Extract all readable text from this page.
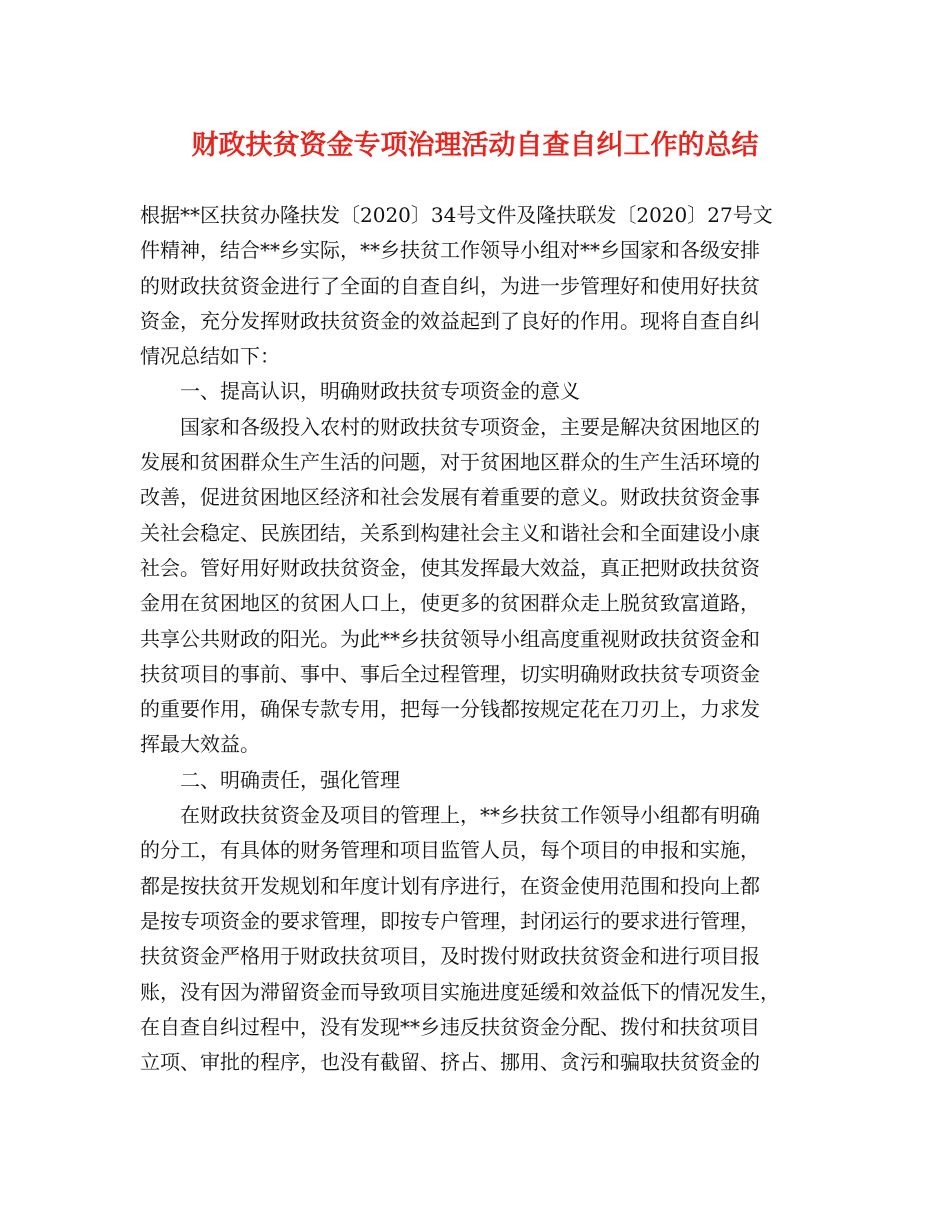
财政扶贫资金专项治理活动自查自纠工作的总结

根据**区扶贫办隆扶发〔2020〕34号文件及隆扶联发〔2020〕27号文

件精神，结合**乡实际，**乡扶贫工作领导小组对**乡国家和各级安排

的财政扶贫资金进行了全面的自查自纠，为进一步管理好和使用好扶贫

资金，充分发挥财政扶贫资金的效益起到了良好的作用。现将自查自纠

情况总结如下：

一、提高认识，明确财政扶贫专项资金的意义

国家和各级投入农村的财政扶贫专项资金，主要是解决贫困地区的

发展和贫困群众生产生活的问题，对于贫困地区群众的生产生活环境的

改善，促进贫困地区经济和社会发展有着重要的意义。财政扶贫资金事

关社会稳定、民族团结，关系到构建社会主义和谐社会和全面建设小康

社会。管好用好财政扶贫资金，使其发挥最大效益，真正把财政扶贫资

金用在贫困地区的贫困人口上，使更多的贫困群众走上脱贫致富道路，

共享公共财政的阳光。为此**乡扶贫领导小组高度重视财政扶贫资金和

扶贫项目的事前、事中、事后全过程管理，切实明确财政扶贫专项资金

的重要作用，确保专款专用，把每一分钱都按规定花在刀刃上，力求发

挥最大效益。

二、明确责任，强化管理

在财政扶贫资金及项目的管理上，**乡扶贫工作领导小组都有明确

的分工，有具体的财务管理和项目监管人员，每个项目的申报和实施，

都是按扶贫开发规划和年度计划有序进行，在资金使用范围和投向上都

是按专项资金的要求管理，即按专户管理，封闭运行的要求进行管理，

扶贫资金严格用于财政扶贫项目，及时拨付财政扶贫资金和进行项目报

账，没有因为滞留资金而导致项目实施进度延缓和效益低下的情况发生，

在自查自纠过程中，没有发现**乡违反扶贫资金分配、拨付和扶贫项目

立项、审批的程序，也没有截留、挤占、挪用、贪污和骗取扶贫资金的
